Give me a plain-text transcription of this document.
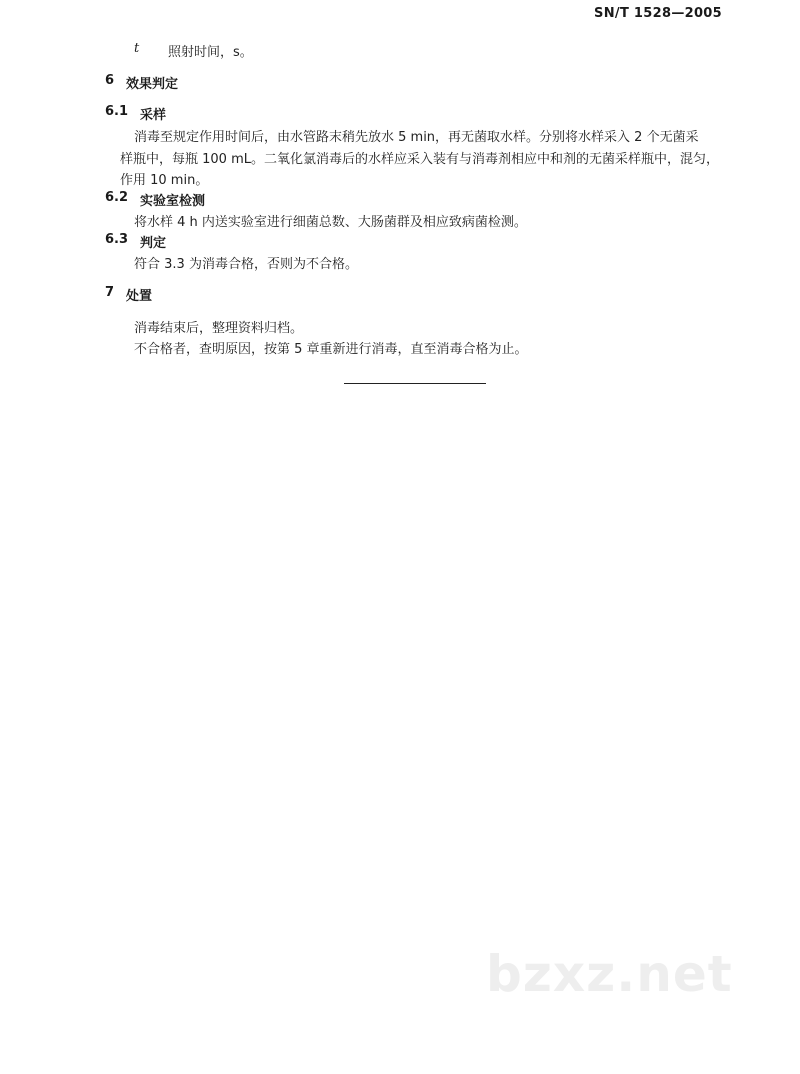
SN/T 1528—2005
t 照射时间，s。
6 效果判定
6.1 采样
消毒至规定作用时间后，由水管路末稍先放水 5 min，再无菌取水样。分别将水样采入 2 个无菌采
样瓶中，每瓶 100 mL。二氧化氯消毒后的水样应采入装有与消毒剂相应中和剂的无菌采样瓶中，混匀，
作用 10 min。
6.2 实验室检测
将水样 4 h 内送实验室进行细菌总数、大肠菌群及相应致病菌检测。
6.3 判定
符合 3.3 为消毒合格，否则为不合格。
7 处置
消毒结束后，整理资料归档。
不合格者，查明原因，按第 5 章重新进行消毒，直至消毒合格为止。
bzxz.net
